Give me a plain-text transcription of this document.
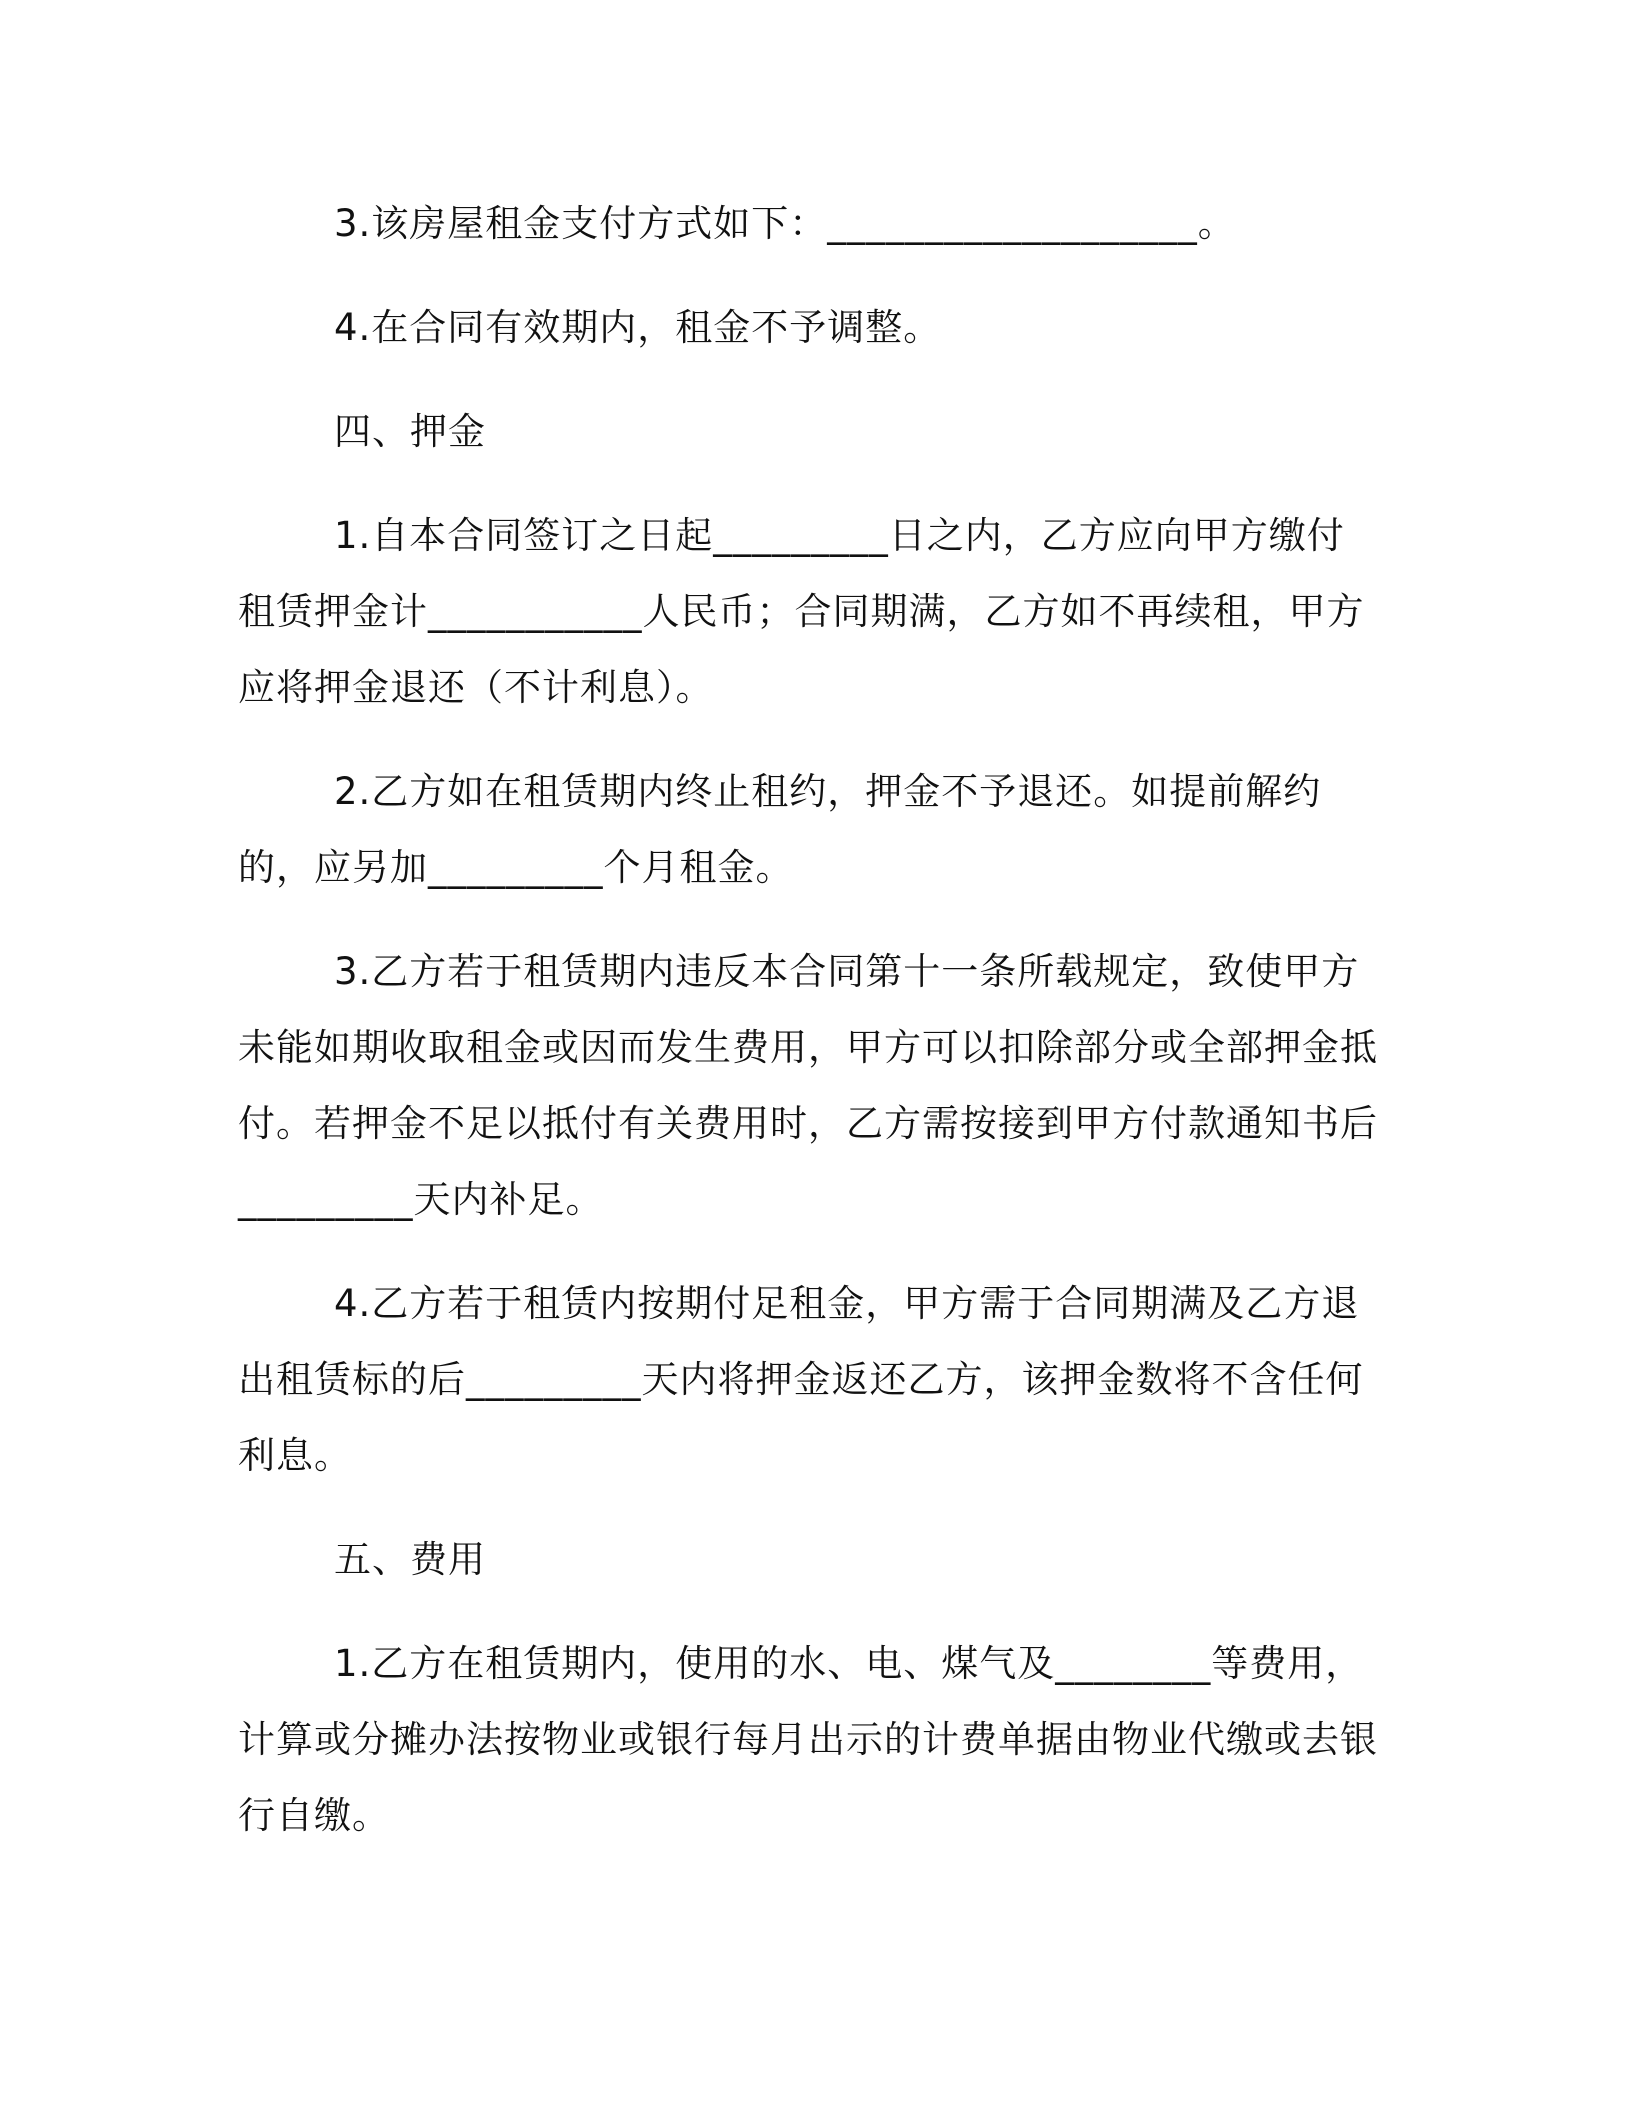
3.该房屋租金支付方式如下：___________________。

4.在合同有效期内，租金不予调整。

四、押金

1.自本合同签订之日起_________日之内，乙方应向甲方缴付租赁押金计___________人民币；合同期满，乙方如不再续租，甲方应将押金退还（不计利息）。

2.乙方如在租赁期内终止租约，押金不予退还。如提前解约的，应另加_________个月租金。

3.乙方若于租赁期内违反本合同第十一条所载规定，致使甲方未能如期收取租金或因而发生费用，甲方可以扣除部分或全部押金抵付。若押金不足以抵付有关费用时，乙方需按接到甲方付款通知书后_________天内补足。

4.乙方若于租赁内按期付足租金，甲方需于合同期满及乙方退出租赁标的后_________天内将押金返还乙方，该押金数将不含任何利息。

五、费用

1.乙方在租赁期内，使用的水、电、煤气及________等费用，计算或分摊办法按物业或银行每月出示的计费单据由物业代缴或去银行自缴。
